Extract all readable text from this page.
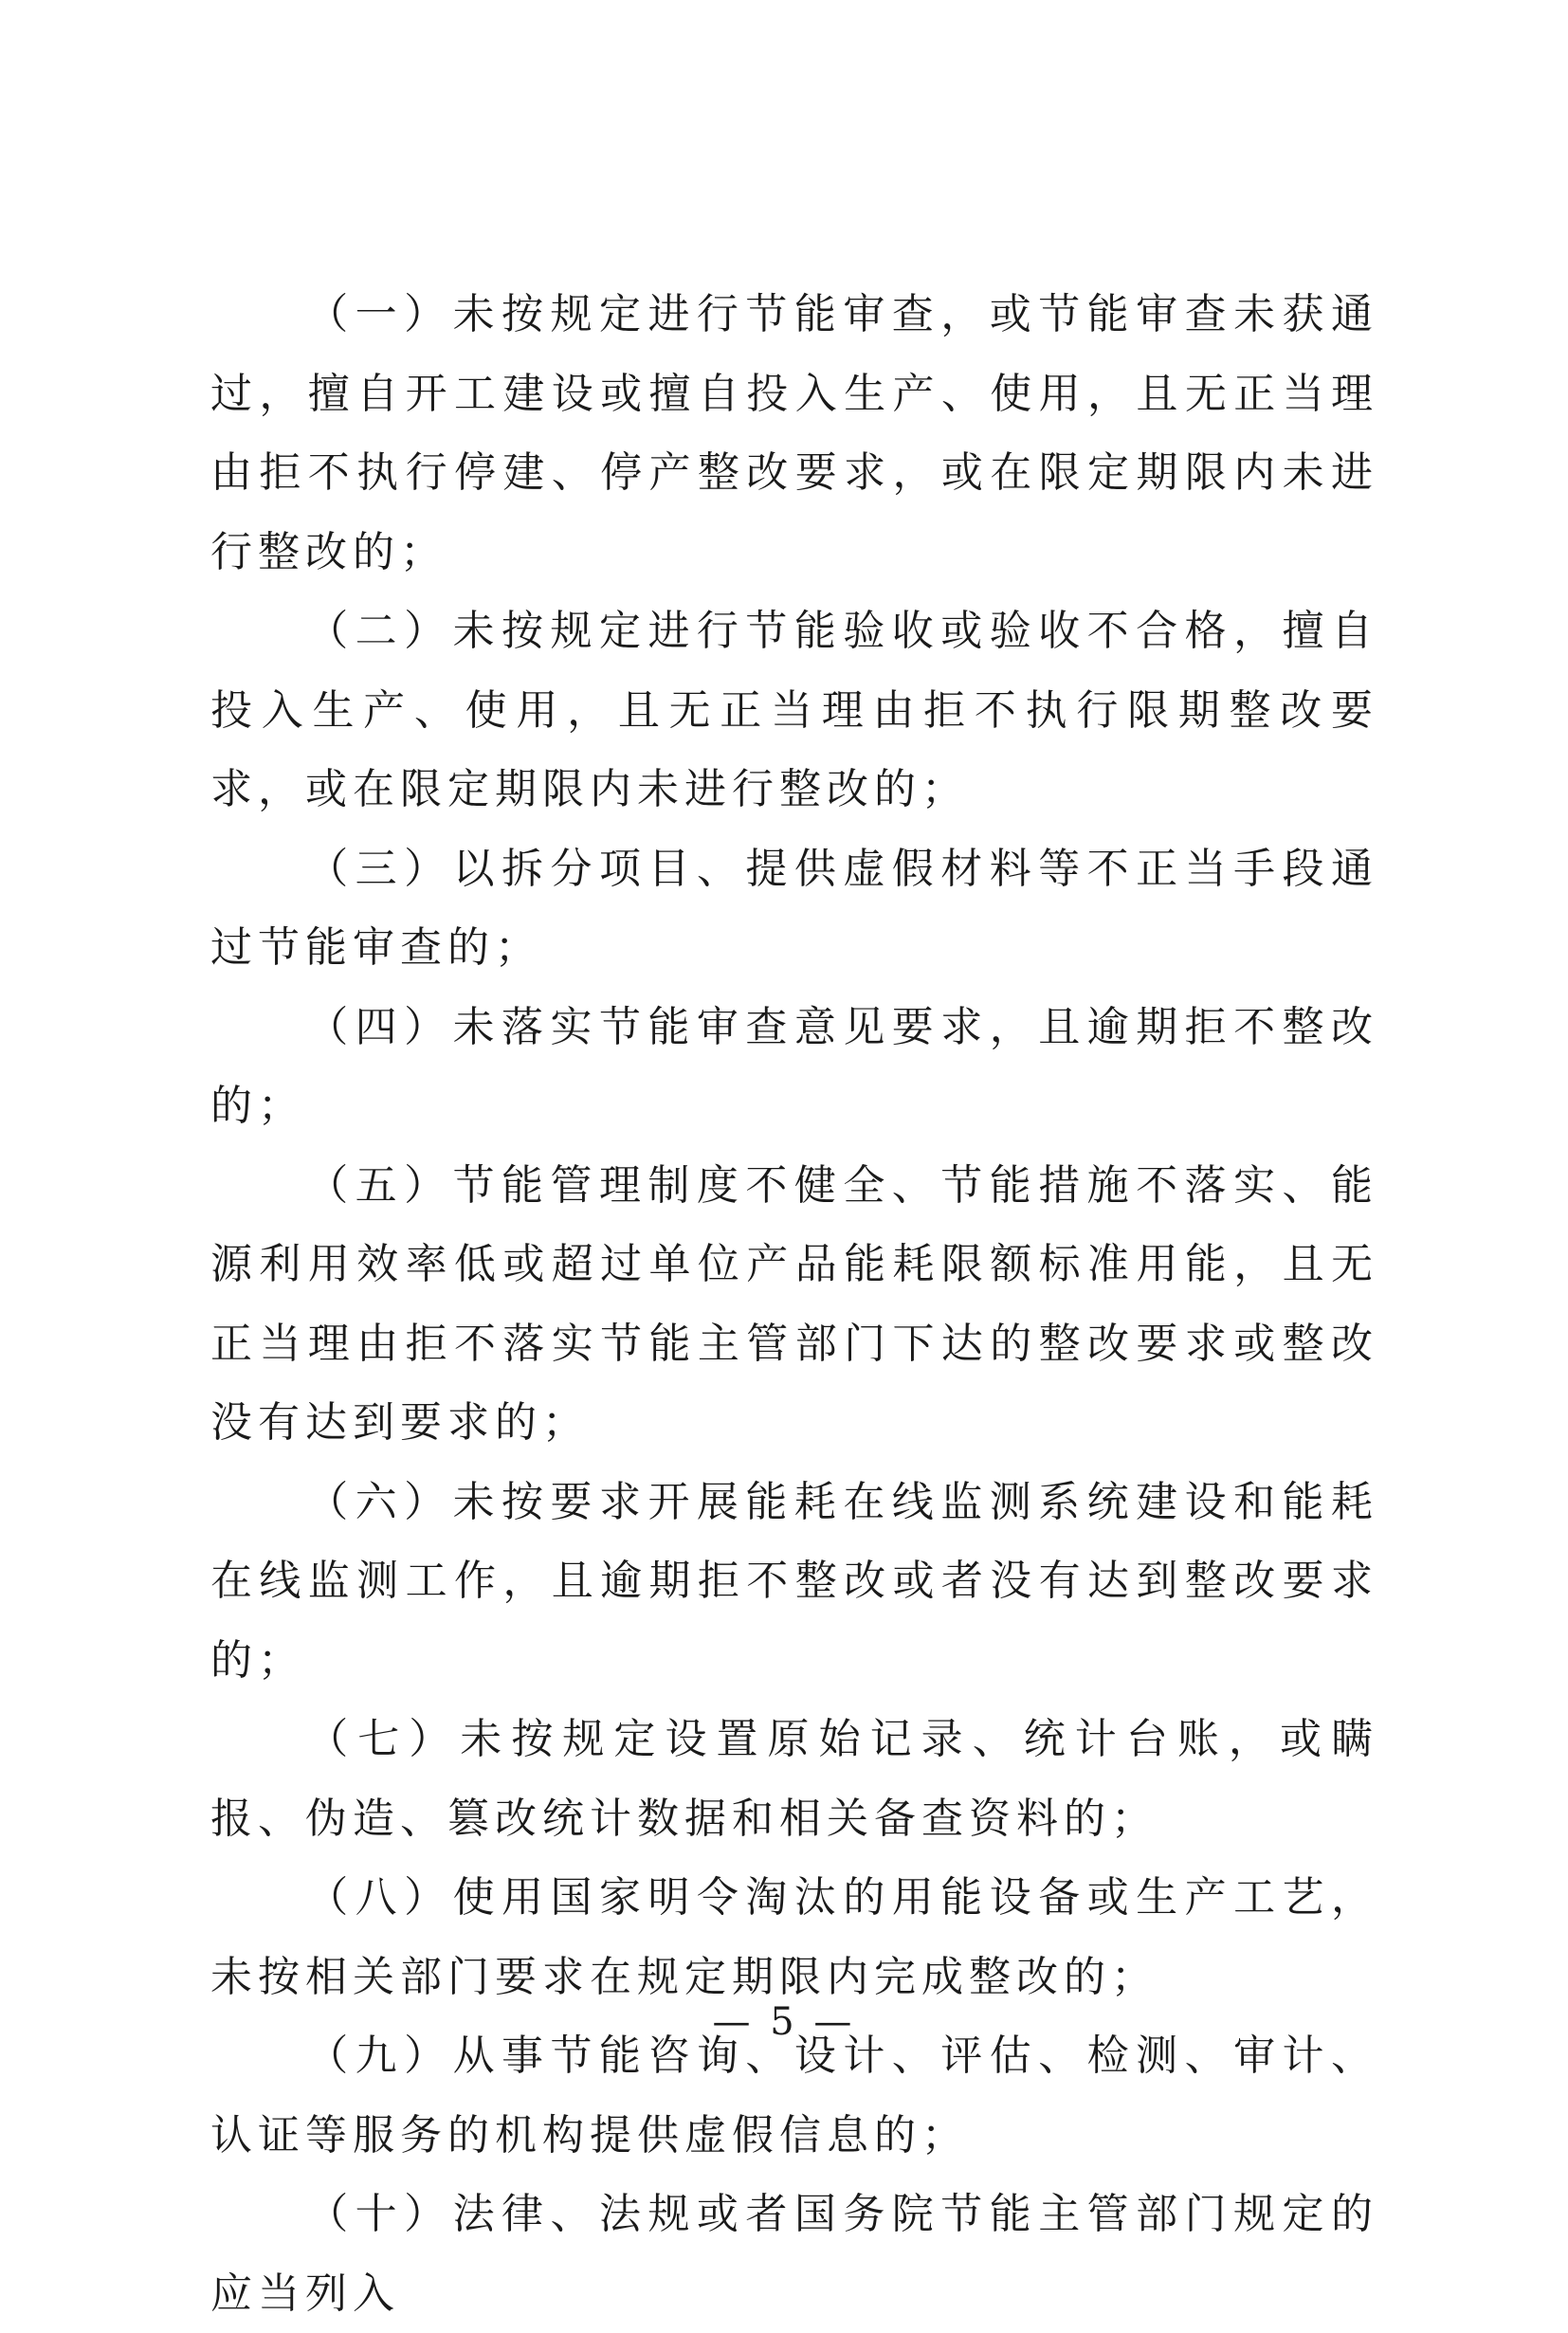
（一）未按规定进行节能审查，或节能审查未获通过，擅自开工建设或擅自投入生产、使用，且无正当理由拒不执行停建、停产整改要求，或在限定期限内未进行整改的；

（二）未按规定进行节能验收或验收不合格，擅自投入生产、使用，且无正当理由拒不执行限期整改要求，或在限定期限内未进行整改的；

（三）以拆分项目、提供虚假材料等不正当手段通过节能审查的；

（四）未落实节能审查意见要求，且逾期拒不整改的；

（五）节能管理制度不健全、节能措施不落实、能源利用效率低或超过单位产品能耗限额标准用能，且无正当理由拒不落实节能主管部门下达的整改要求或整改没有达到要求的；

（六）未按要求开展能耗在线监测系统建设和能耗在线监测工作，且逾期拒不整改或者没有达到整改要求的；

（七）未按规定设置原始记录、统计台账，或瞒报、伪造、篡改统计数据和相关备查资料的；

（八）使用国家明令淘汰的用能设备或生产工艺，未按相关部门要求在规定期限内完成整改的；

（九）从事节能咨询、设计、评估、检测、审计、认证等服务的机构提供虚假信息的；

（十）法律、法规或者国务院节能主管部门规定的应当列入

— 5 —
